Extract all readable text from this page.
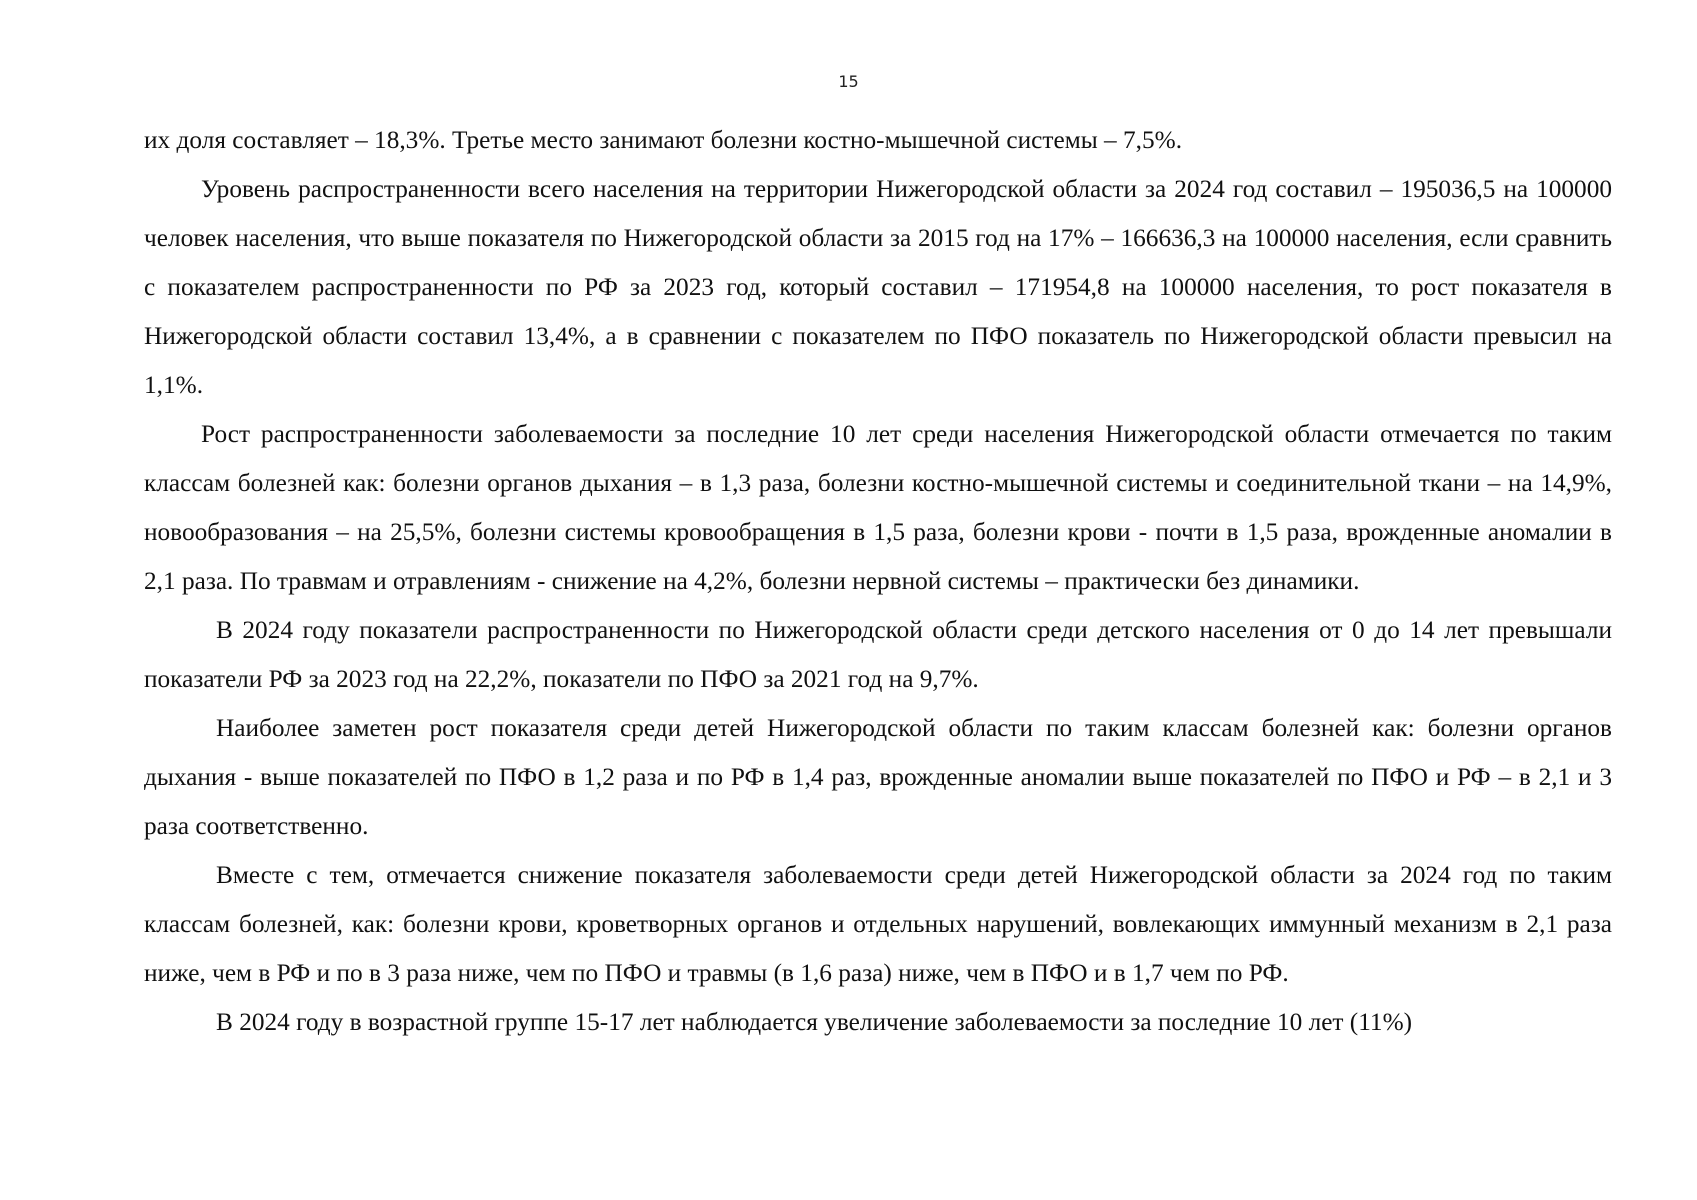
15

их доля составляет – 18,3%. Третье место занимают болезни костно-мышечной системы – 7,5%.

Уровень распространенности всего населения на территории Нижегородской области за 2024 год составил – 195036,5 на 100000 человек населения, что выше показателя по Нижегородской области за 2015 год на 17% – 166636,3 на 100000 населения, если сравнить с показателем распространенности по РФ за 2023 год, который составил – 171954,8 на 100000 населения, то рост показателя в Нижегородской области составил 13,4%, а в сравнении с показателем по ПФО показатель по Нижегородской области превысил на 1,1%.

Рост распространенности заболеваемости за последние 10 лет среди населения Нижегородской области отмечается по таким классам болезней как: болезни органов дыхания – в 1,3 раза, болезни костно-мышечной системы и соединительной ткани – на 14,9%, новообразования – на 25,5%, болезни системы кровообращения в 1,5 раза, болезни крови - почти в 1,5 раза, врожденные аномалии в 2,1 раза. По травмам и отравлениям - снижение на 4,2%, болезни нервной системы – практически без динамики.

В 2024 году показатели распространенности по Нижегородской области среди детского населения от 0 до 14 лет превышали показатели РФ за 2023 год на 22,2%, показатели по ПФО за 2021 год на 9,7%.

Наиболее заметен рост показателя среди детей Нижегородской области по таким классам болезней как: болезни органов дыхания - выше показателей по ПФО в 1,2 раза и по РФ в 1,4 раз, врожденные аномалии выше показателей по ПФО и РФ – в 2,1 и 3 раза соответственно.

Вместе с тем, отмечается снижение показателя заболеваемости среди детей Нижегородской области за 2024 год по таким классам болезней, как: болезни крови, кроветворных органов и отдельных нарушений, вовлекающих иммунный механизм в 2,1 раза ниже, чем в РФ и по в 3 раза ниже, чем по ПФО и травмы (в 1,6 раза) ниже, чем в ПФО и в 1,7 чем по РФ.

В 2024 году в возрастной группе 15-17 лет наблюдается увеличение заболеваемости за последние 10 лет (11%)
